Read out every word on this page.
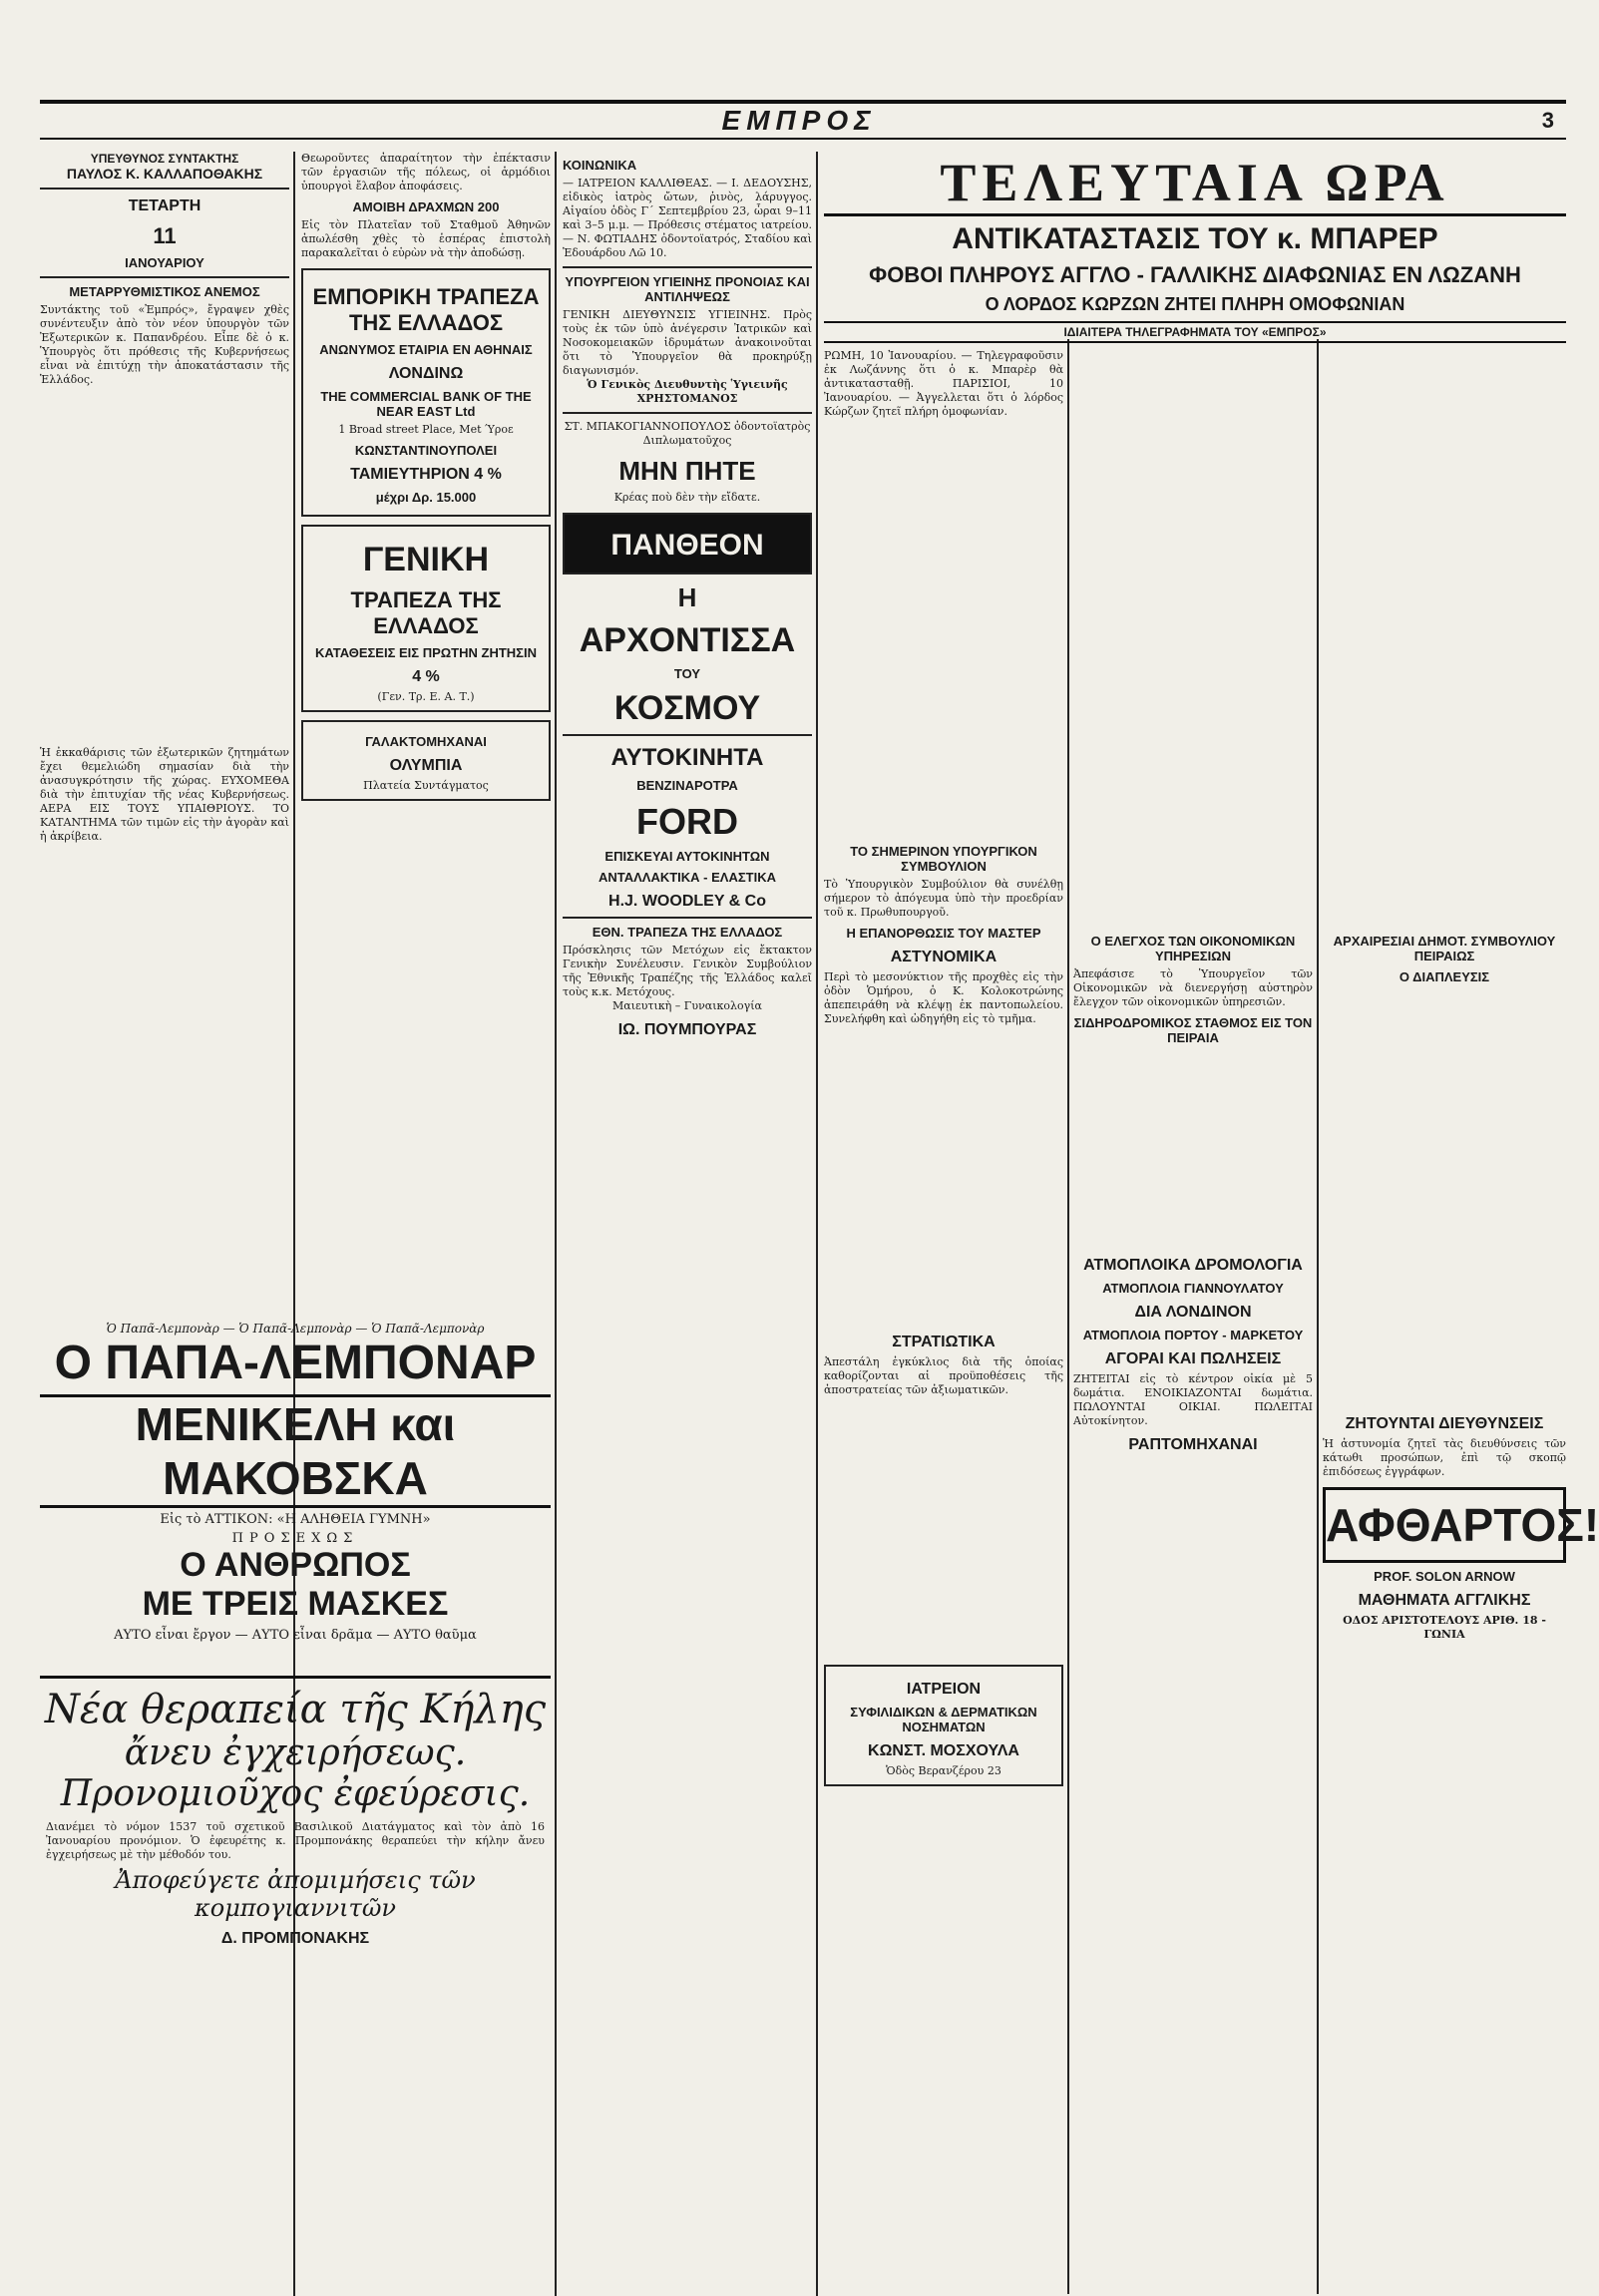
ΕΜΠΡΟΣ	3
ΥΠΕΥΘΥΝΟΣ ΣΥΝΤΑΚΤΗΣ
ΠΑΥΛΟΣ Κ. ΚΑΛΛΑΠΟΘΑΚΗΣ
ΤΕΤΑΡΤΗ
11
ΙΑΝΟΥΑΡΙΟΥ
ΜΕΤΑΡΡΥΘΜΙΣΤΙΚΟΣ ΑΝΕΜΟΣ

Συντάκτης τοῦ «Ἐμπρός», ἔγραψεν χθὲς συνέντευξιν ἀπὸ τὸν νέον ὑπουργὸν τῶν Ἐξωτερικῶν κ. Παπανδρέου. Εἶπε δὲ ὁ κ. Ὑπουργὸς ὅτι πρόθεσις τῆς Κυβερνήσεως εἶναι νὰ ἐπιτύχῃ τὴν ἀποκατάστασιν τῆς Ἑλλάδος.

Ἡ ἐκκαθάρισις τῶν ἐξωτερικῶν ζητημάτων ἔχει θεμελιώδη σημασίαν διὰ τὴν ἀνασυγκρότησιν τῆς χώρας. ΕΥΧΟΜΕΘΑ διὰ τὴν ἐπιτυχίαν τῆς νέας Κυβερνήσεως. ΑΕΡΑ ΕΙΣ ΤΟΥΣ ΥΠΑΙΘΡΙΟΥΣ. ΤΟ ΚΑΤΑΝΤΗΜΑ τῶν τιμῶν εἰς τὴν ἀγορὰν καὶ ἡ ἀκρίβεια.

Θεωροῦντες ἀπαραίτητον τὴν ἐπέκτασιν τῶν ἐργασιῶν τῆς πόλεως, οἱ ἁρμόδιοι ὑπουργοὶ ἔλαβον ἀποφάσεις.

ΑΜΟΙΒΗ ΔΡΑΧΜΩΝ 200

Εἰς τὸν Πλατεῖαν τοῦ Σταθμοῦ Ἀθηνῶν ἀπωλέσθη χθὲς τὸ ἑσπέρας ἐπιστολὴ παρακαλεῖται ὁ εὑρὼν νὰ τὴν ἀποδώσῃ.

ΕΜΠΟΡΙΚΗ ΤΡΑΠΕΖΑ ΤΗΣ ΕΛΛΑΔΟΣ
ΑΝΩΝΥΜΟΣ ΕΤΑΙΡΙΑ ΕΝ ΑΘΗΝΑΙΣ
ΛΟΝΔΙΝΩ
THE COMMERCIAL BANK OF THE NEAR EAST Ltd
1 Broad street Place, Met Ύροε
ΚΩΝΣΤΑΝΤΙΝΟΥΠΟΛΕΙ
ΤΑΜΙΕΥΤΗΡΙΟΝ 4 %
μέχρι Δρ. 15.000
ΓΕΝΙΚΗ
ΤΡΑΠΕΖΑ ΤΗΣ ΕΛΛΑΔΟΣ
ΚΑΤΑΘΕΣΕΙΣ ΕΙΣ ΠΡΩΤΗΝ ΖΗΤΗΣΙΝ
4 %
(Γεν. Τρ. Ε. Α. Τ.)
ΓΑΛΑΚΤΟΜΗΧΑΝΑΙ
ΟΛΥΜΠΙΑ
Πλατεία Συντάγματος
ΚΟΙΝΩΝΙΚΑ

— ΙΑΤΡΕΙΟΝ ΚΑΛΛΙΘΕΑΣ. — Ι. ΔΕΔΟΥΣΗΣ, εἰδικὸς ἰατρὸς ὤτων, ῥινὸς, λάρυγγος. Αἰγαίου ὁδὸς Γ΄ Σεπτεμβρίου 23, ὧραι 9–11 καὶ 3–5 μ.μ. — Πρόθεσις στέματος ιατρείου. — Ν. ΦΩΤΙΑΔΗΣ ὀδοντοϊατρός, Σταδίου καὶ Ἐδουάρδου Λῶ 10.

ΥΠΟΥΡΓΕΙΟΝ ΥΓΙΕΙΝΗΣ ΠΡΟΝΟΙΑΣ ΚΑΙ ΑΝΤΙΛΗΨΕΩΣ

ΓΕΝΙΚΗ ΔΙΕΥΘΥΝΣΙΣ ΥΓΙΕΙΝΗΣ. Πρὸς τοὺς ἐκ τῶν ὑπὸ ἀνέγερσιν Ἰατρικῶν καὶ Νοσοκομειακῶν ἱδρυμάτων ἀνακοινοῦται ὅτι τὸ Ὑπουργεῖον θὰ προκηρύξῃ διαγωνισμόν.

Ὁ Γενικὸς Διευθυντὴς Ὑγιεινῆς ΧΡΗΣΤΟΜΑΝΟΣ

ΣΤ. ΜΠΑΚΟΓΙΑΝΝΟΠΟΥΛΟΣ ὀδοντοϊατρὸς Διπλωματοῦχος

ΜΗΝ ΠΗΤΕ

Κρέας ποὺ δὲν τὴν εἴδατε.

ΠΑΝΘΕΟΝ
Η
ΑΡΧΟΝΤΙΣΣΑ
ΤΟΥ
ΚΟΣΜΟΥ
ΑΥΤΟΚΙΝΗΤΑ
ΒΕΝΖΙΝΑΡΟΤΡΑ
FORD
ΕΠΙΣΚΕΥΑΙ ΑΥΤΟΚΙΝΗΤΩΝ
ΑΝΤΑΛΛΑΚΤΙΚΑ - ΕΛΑΣΤΙΚΑ
H.J. WOODLEY & Co
ΕΘΝ. ΤΡΑΠΕΖΑ ΤΗΣ ΕΛΛΑΔΟΣ

Πρόσκλησις τῶν Μετόχων εἰς ἔκτακτον Γενικὴν Συνέλευσιν. Γενικὸν Συμβούλιον τῆς Ἐθνικῆς Τραπέζης τῆς Ἑλλάδος καλεῖ τοὺς κ.κ. Μετόχους.

Μαιευτικὴ – Γυναικολογία
ΙΩ. ΠΟΥΜΠΟΥΡΑΣ
ΤΕΛΕΥΤΑΙΑ ΩΡΑ
ΑΝΤΙΚΑΤΑΣΤΑΣΙΣ ΤΟΥ κ. ΜΠΑΡΕΡ
ΦΟΒΟΙ ΠΛΗΡΟΥΣ ΑΓΓΛΟ - ΓΑΛΛΙΚΗΣ ΔΙΑΦΩΝΙΑΣ ΕΝ ΛΩΖΑΝΗ
Ο ΛΟΡΔΟΣ ΚΩΡΖΩΝ ΖΗΤΕΙ ΠΛΗΡΗ ΟΜΟΦΩΝΙΑΝ
ΙΔΙΑΙΤΕΡΑ ΤΗΛΕΓΡΑΦΗΜΑΤΑ ΤΟΥ «ΕΜΠΡΟΣ»

ΡΩΜΗ, 10 Ἰανουαρίου. — Τηλεγραφοῦσιν ἐκ Λωζάννης ὅτι ὁ κ. Μπαρὲρ θὰ ἀντικατασταθῇ. ΠΑΡΙΣΙΟΙ, 10 Ἰανουαρίου. — Ἀγγελλεται ὅτι ὁ λόρδος Κώρζων ζητεῖ πλήρη ὁμοφωνίαν.

ΤΟ ΣΗΜΕΡΙΝΟΝ ΥΠΟΥΡΓΙΚΟΝ ΣΥΜΒΟΥΛΙΟΝ

Τὸ Ὑπουργικὸν Συμβούλιον θὰ συνέλθῃ σήμερον τὸ ἀπόγευμα ὑπὸ τὴν προεδρίαν τοῦ κ. Πρωθυπουργοῦ.

Η ΕΠΑΝΟΡΘΩΣΙΣ ΤΟΥ ΜΑΣΤΕΡ
ΑΣΤΥΝΟΜΙΚΑ

Περὶ τὸ μεσονύκτιον τῆς προχθὲς εἰς τὴν ὁδὸν Ὁμήρου, ὁ Κ. Κολοκοτρώνης ἀπεπειράθη νὰ κλέψῃ ἐκ παντοπωλείου. Συνελήφθη καὶ ὡδηγήθη εἰς τὸ τμῆμα.

ΣΤΡΑΤΙΩΤΙΚΑ

Ἀπεστάλη ἐγκύκλιος διὰ τῆς ὁποίας καθορίζονται αἱ προϋποθέσεις τῆς ἀποστρατείας τῶν ἀξιωματικῶν.

ΙΑΤΡΕΙΟΝ
ΣΥΦΙΛΙΔΙΚΩΝ & ΔΕΡΜΑΤΙΚΩΝ ΝΟΣΗΜΑΤΩΝ
ΚΩΝΣΤ. ΜΟΣΧΟΥΛΑ
Ὁδὸς Βερανζέρου 23
Ο ΕΛΕΓΧΟΣ ΤΩΝ ΟΙΚΟΝΟΜΙΚΩΝ ΥΠΗΡΕΣΙΩΝ

Ἀπεφάσισε τὸ Ὑπουργεῖον τῶν Οἰκονομικῶν νὰ διενεργήσῃ αὐστηρὸν ἔλεγχον τῶν οἰκονομικῶν ὑπηρεσιῶν.

ΣΙΔΗΡΟΔΡΟΜΙΚΟΣ ΣΤΑΘΜΟΣ ΕΙΣ ΤΟΝ ΠΕΙΡΑΙΑ
ΑΤΜΟΠΛΟΙΚΑ ΔΡΟΜΟΛΟΓΙΑ
ΑΤΜΟΠΛΟΙΑ ΓΙΑΝΝΟΥΛΑΤΟΥ
ΔΙΑ ΛΟΝΔΙΝΟΝ
ΑΤΜΟΠΛΟΙΑ ΠΟΡΤΟΥ - ΜΑΡΚΕΤΟΥ
ΑΓΟΡΑΙ ΚΑΙ ΠΩΛΗΣΕΙΣ

ΖΗΤΕΙΤΑΙ εἰς τὸ κέντρον οἰκία μὲ 5 δωμάτια. ΕΝΟΙΚΙΑΖΟΝΤΑΙ δωμάτια. ΠΩΛΟΥΝΤΑΙ ΟΙΚΙΑΙ. ΠΩΛΕΙΤΑΙ Αὐτοκίνητον.

ΡΑΠΤΟΜΗΧΑΝΑΙ
ΑΡΧΑΙΡΕΣΙΑΙ ΔΗΜΟΤ. ΣΥΜΒΟΥΛΙΟΥ ΠΕΙΡΑΙΩΣ
Ο ΔΙΑΠΛΕΥΣΙΣ
ΖΗΤΟΥΝΤΑΙ ΔΙΕΥΘΥΝΣΕΙΣ

Ἡ ἀστυνομία ζητεῖ τὰς διευθύνσεις τῶν κάτωθι προσώπων, ἐπὶ τῷ σκοπῷ ἐπιδόσεως ἐγγράφων.

ΑΦΘΑΡΤΟΣ!
PROF. SOLON ARNOW
ΜΑΘΗΜΑΤΑ ΑΓΓΛΙΚΗΣ
ΟΔΟΣ ΑΡΙΣΤΟΤΕΛΟΥΣ ΑΡΙΘ. 18 - ΓΩΝΙΑ
Ὁ Παπᾶ-Λεμπονὰρ — Ὁ Παπᾶ-Λεμπονὰρ — Ὁ Παπᾶ-Λεμπονὰρ
Ο ΠΑΠΑ-ΛΕΜΠΟΝΑΡ
ΜΕΝΙΚΕΛΗ και ΜΑΚΟΒΣΚΑ
Εἰς τὸ ΑΤΤΙΚΟΝ: «Η ΑΛΗΘΕΙΑ ΓΥΜΝΗ»
ΠΡΟΣΕΧΩΣ
Ο ΑΝΘΡΩΠΟΣ
ΜΕ ΤΡΕΙΣ ΜΑΣΚΕΣ
ΑΥΤΟ εἶναι ἔργον — ΑΥΤΟ εἶναι δρᾶμα — ΑΥΤΟ θαῦμα
Νέα θεραπεία τῆς Κήλης
ἄνευ ἐγχειρήσεως.
Προνομιοῦχος ἐφεύρεσις.

Διανέμει τὸ νόμον 1537 τοῦ σχετικοῦ Βασιλικοῦ Διατάγματος καὶ τὸν ἀπὸ 16 Ἰανουαρίου προνόμιον. Ὁ ἐφευρέτης κ. Προμπονάκης θεραπεύει τὴν κήλην ἄνευ ἐγχειρήσεως μὲ τὴν μέθοδόν του.

Ἀποφεύγετε ἀπομιμήσεις τῶν κομπογιαννιτῶν
Δ. ΠΡΟΜΠΟΝΑΚΗΣ
